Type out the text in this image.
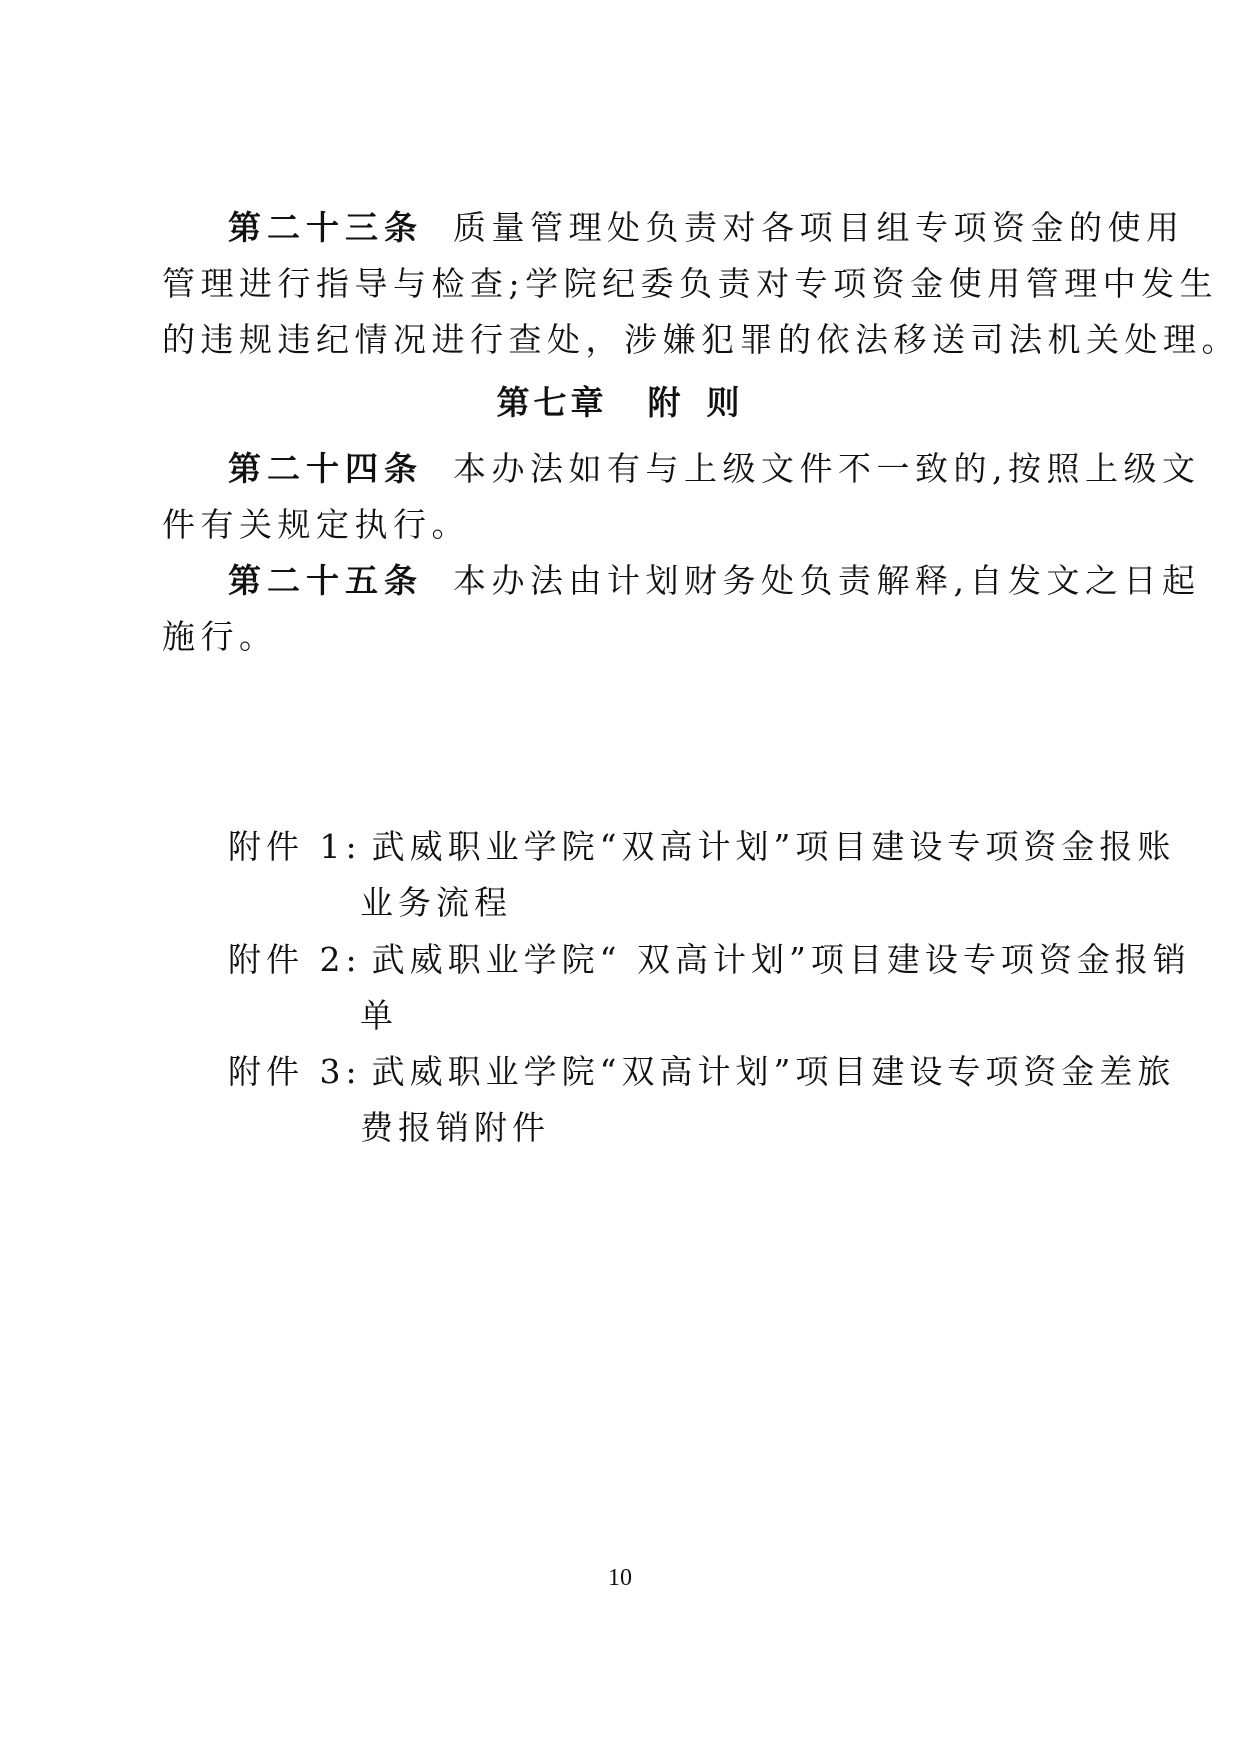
第二十三条 质量管理处负责对各项目组专项资金的使用
管理进行指导与检查;学院纪委负责对专项资金使用管理中发生
的违规违纪情况进行查处，涉嫌犯罪的依法移送司法机关处理。
第七章 附 则
第二十四条 本办法如有与上级文件不一致的,按照上级文
件有关规定执行。
第二十五条 本办法由计划财务处负责解释,自发文之日起
施行。
附件 1: 武威职业学院“双高计划”项目建设专项资金报账
业务流程
附件 2: 武威职业学院“ 双高计划”项目建设专项资金报销
单
附件 3: 武威职业学院“双高计划”项目建设专项资金差旅
费报销附件
10
